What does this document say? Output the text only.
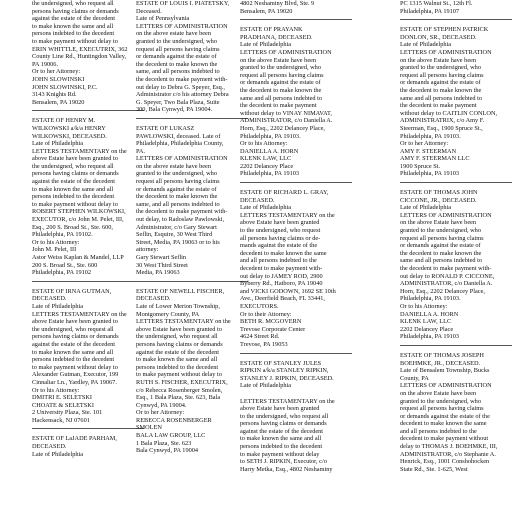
the undersigned, who request all
persons having claims or demands
against the estate of the decedent
to make known the same and all
persons indebted to the decedent
to make payment without delay to
ERIN WHITTLE, EXECUTRIX, 362
County Line Rd., Huntingdon Valley,
PA 19006.
Or to her Attorney:
JOHN SLOWINSKI
JOHN SLOWINSKI, P.C.
3143 Knights Rd.
Bensalem, PA 19020
ESTATE OF HENRY M.
WILKOWSKI a/k/a HENRY
WILKOWSKI, DECEASED.
Late of Philadelphia
LETTERS TESTAMENTARY on the
above Estate have been granted to
the undersigned, who request all
persons having claims or demands
against the estate of the decedent
to make known the same and all
persons indebted to the decedent
to make payment without delay to
ROBERT STEPHEN WILKOWSKI,
EXECUTOR, c/o John M. Pelet, III,
Esq., 200 S. Broad St., Ste. 600,
Philadelphia, PA 19102.
Or to his Attorney:
John M. Pelet, III
Astor Weiss Kaplan & Mandel, LLP
200 S. Broad St., Ste. 600
Philadelphia, PA 19102
ESTATE OF IRNA GUTMAN,
DECEASED.
Late of Philadelphia
LETTERS TESTAMENTARY on the
above Estate have been granted to
the undersigned, who request all
persons having claims or demands
against the estate of the decedent
to make known the same and all
persons indebted to the decedent
to make payment without delay to
Alexander Gutman, Executor, 199
Cinnaltar Ln., Yardley, PA 19067.
Or to his Attorney:
DMITRI E. SELETSKI
CHOATE & SELETSKI
2 University Plaza, Ste. 101
Hackensack, NJ 07601
ESTATE OF LaJADE PARHAM,
DECEASED.
Late of Philadelphia
ESTATE OF LOUIS I. PIATETSKY,
Deceased.
Late of Pennsylvania
LETTERS OF ADMINISTRATION
on the above estate have been
granted to the undersigned, who
request all persons having claims
or demands against the estate of
the decedent to make known the
same, and all persons indebted to
the decedent to make payment with-
out delay to Debra G. Speyer, Esq.,
Administrator c/o his attorney Debra
G. Speyer, Two Bala Plaza, Suite
300, Bala Cynwyd, PA 19004.
ESTATE OF LUKASZ
PAWLOWSKI, deceased. Late of
Philadelphia, Philadelphia County,
PA.
LETTERS OF ADMINISTRATION
on the above estate have been
granted to the undersigned, who
request all persons having claims
or demands against the estate of
the decedent to make known the
same, and all persons indebted to
the decedent to make payment with-
out delay, to Radoslaw Pawlowski,
Administrator, c/o Gary Stewart
Seflin, Esquire, 30 West Third
Street, Media, PA 19063 or to his
attorney:
Gary Stewart Seflin
30 West Third Street
Media, PA 19063
ESTATE OF NEWELL FISCHER,
DECEASED.
Late of Lower Merion Township,
Montgomery County, PA
LETTERS TESTAMENTARY on the
above Estate have been granted to
the undersigned, who request all
persons having claims or demands
against the estate of the decedent
to make known the same and all
persons indebted to the decedent
to make payment without delay to
RUTH S. FISCHER, EXECUTRIX,
c/o Rebecca Rosenberger Smolen,
Esq., 1 Bala Plaza, Ste. 623, Bala
Cynwyd, PA 19004.
Or to her Attorney:
REBECCA ROSENBERGER
SMOLEN
BALA LAW GROUP, LLC
1 Bala Plaza, Ste. 623
Bala Cynwyd, PA 19004
4802 Neshaminy Blvd, Ste. 9
Bensalem, PA 19020
ESTATE OF PRAYANK
PRADHANA, DECEASED.
Late of Philadelphia
LETTERS OF ADMINISTRATION
on the above Estate have been
granted to the undersigned, who
request all persons having claims
or demands against the estate of
the decedent to make known the
same and all persons indebted to
the decedent to make payment
without delay to VINAY NIMAVAT,
ADMINISTRATOR, c/o Daniella A.
Horn, Esq., 2202 Delancey Place,
Philadelphia, PA 19103.
Or to his Attorney:
DANIELLA A. HORN
KLENK LAW, LLC
2202 Delancey Place
Philadelphia, PA 19103
ESTATE OF RICHARD L. GRAY,
DECEASED.
Late of Philadelphia
LETTERS TESTAMENTARY on the
above Estate have been granted
to the undersigned, who request
all persons having claims or de-
mands against the estate of the
decedent to make known the same
and all persons indebted to the
decedent to make payment with-
out delay to JAMEY ROD, 2900
Byberry Rd., Hatboro, PA 19040
and VICKI GODOWN, 1692 SE 10th
Ave., Deerfield Beach, FL 33441,
EXECUTORS.
Or to their Attorney:
BETH R. MCGOVERN
Trevose Corporate Center
4624 Street Rd.
Trevose, PA 19053
ESTATE OF STANLEY JULES
RIPKIN a/k/a STANLEY RIPKIN,
STANLEY J. RIPKIN, DECEASED.
Late of Philadelphia

LETTERS TESTAMENTARY on the
above Estate have been granted
to the undersigned, who request all
persons having claims or demands
against the estate of the decedent
to make known the same and all
persons indebted to the decedent
to make payment without delay
to SETH J. RIPKIN, Executor, c/o
Harry Metka, Esq., 4802 Neshaminy
PC 1315 Walnut St., 12th Fl.
Philadelphia, PA 19107
ESTATE OF STEPHEN PATRICK
DONLON, SR., DECEASED.
Late of Philadelphia
LETTERS OF ADMINISTRATION
on the above Estate have been
granted to the undersigned, who
request all persons having claims
or demands against the estate of
the decedent to make known the
same and all persons indebted to
the decedent to make payment
without delay to CAITLIN CONLON,
ADMINISTRATRIX, c/o Amy F.
Steerman, Esq., 1900 Spruce St.,
Philadelphia, PA 19103.
Or to her Attorney:
AMY F. STEERMAN
AMY F. STEERMAN LLC
1900 Spruce St.
Philadelphia, PA 19103
ESTATE OF THOMAS JOHN
CICCONE, JR., DECEASED.
Late of Philadelphia
LETTERS OF ADMINISTRATION
on the above Estate have been
granted to the undersigned, who
request all persons having claims
or demands against the estate of
the decedent to make known the
same and all persons indebted to
the decedent to make payment with-
out delay to RONALD P. CICCONE,
ADMINISTRATOR, c/o Daniella A.
Horn, Esq., 2202 Delancey Place,
Philadelphia, PA 19103.
Or to his Attorney:
DANIELLA A. HORN
KLENK LAW, LLC
2202 Delancey Place
Philadelphia, PA 19103
ESTATE OF THOMAS JOSEPH
BOEHMKE, JR., DECEASED.
Late of Bensalem Township, Bucks
County, PA
LETTERS OF ADMINISTRATION
on the above Estate have been
granted to the undersigned, who
request all persons having claims
or demands against the estate of the
decedent to make known the same
and all persons indebted to the
decedent to make payment without
delay to THOMAS J. BOEHMKE, III,
ADMINISTRATOR, c/o Stephanie A.
Henrick, Esq., 1001 Conshohocken
State Rd., Ste. 1-625, West
